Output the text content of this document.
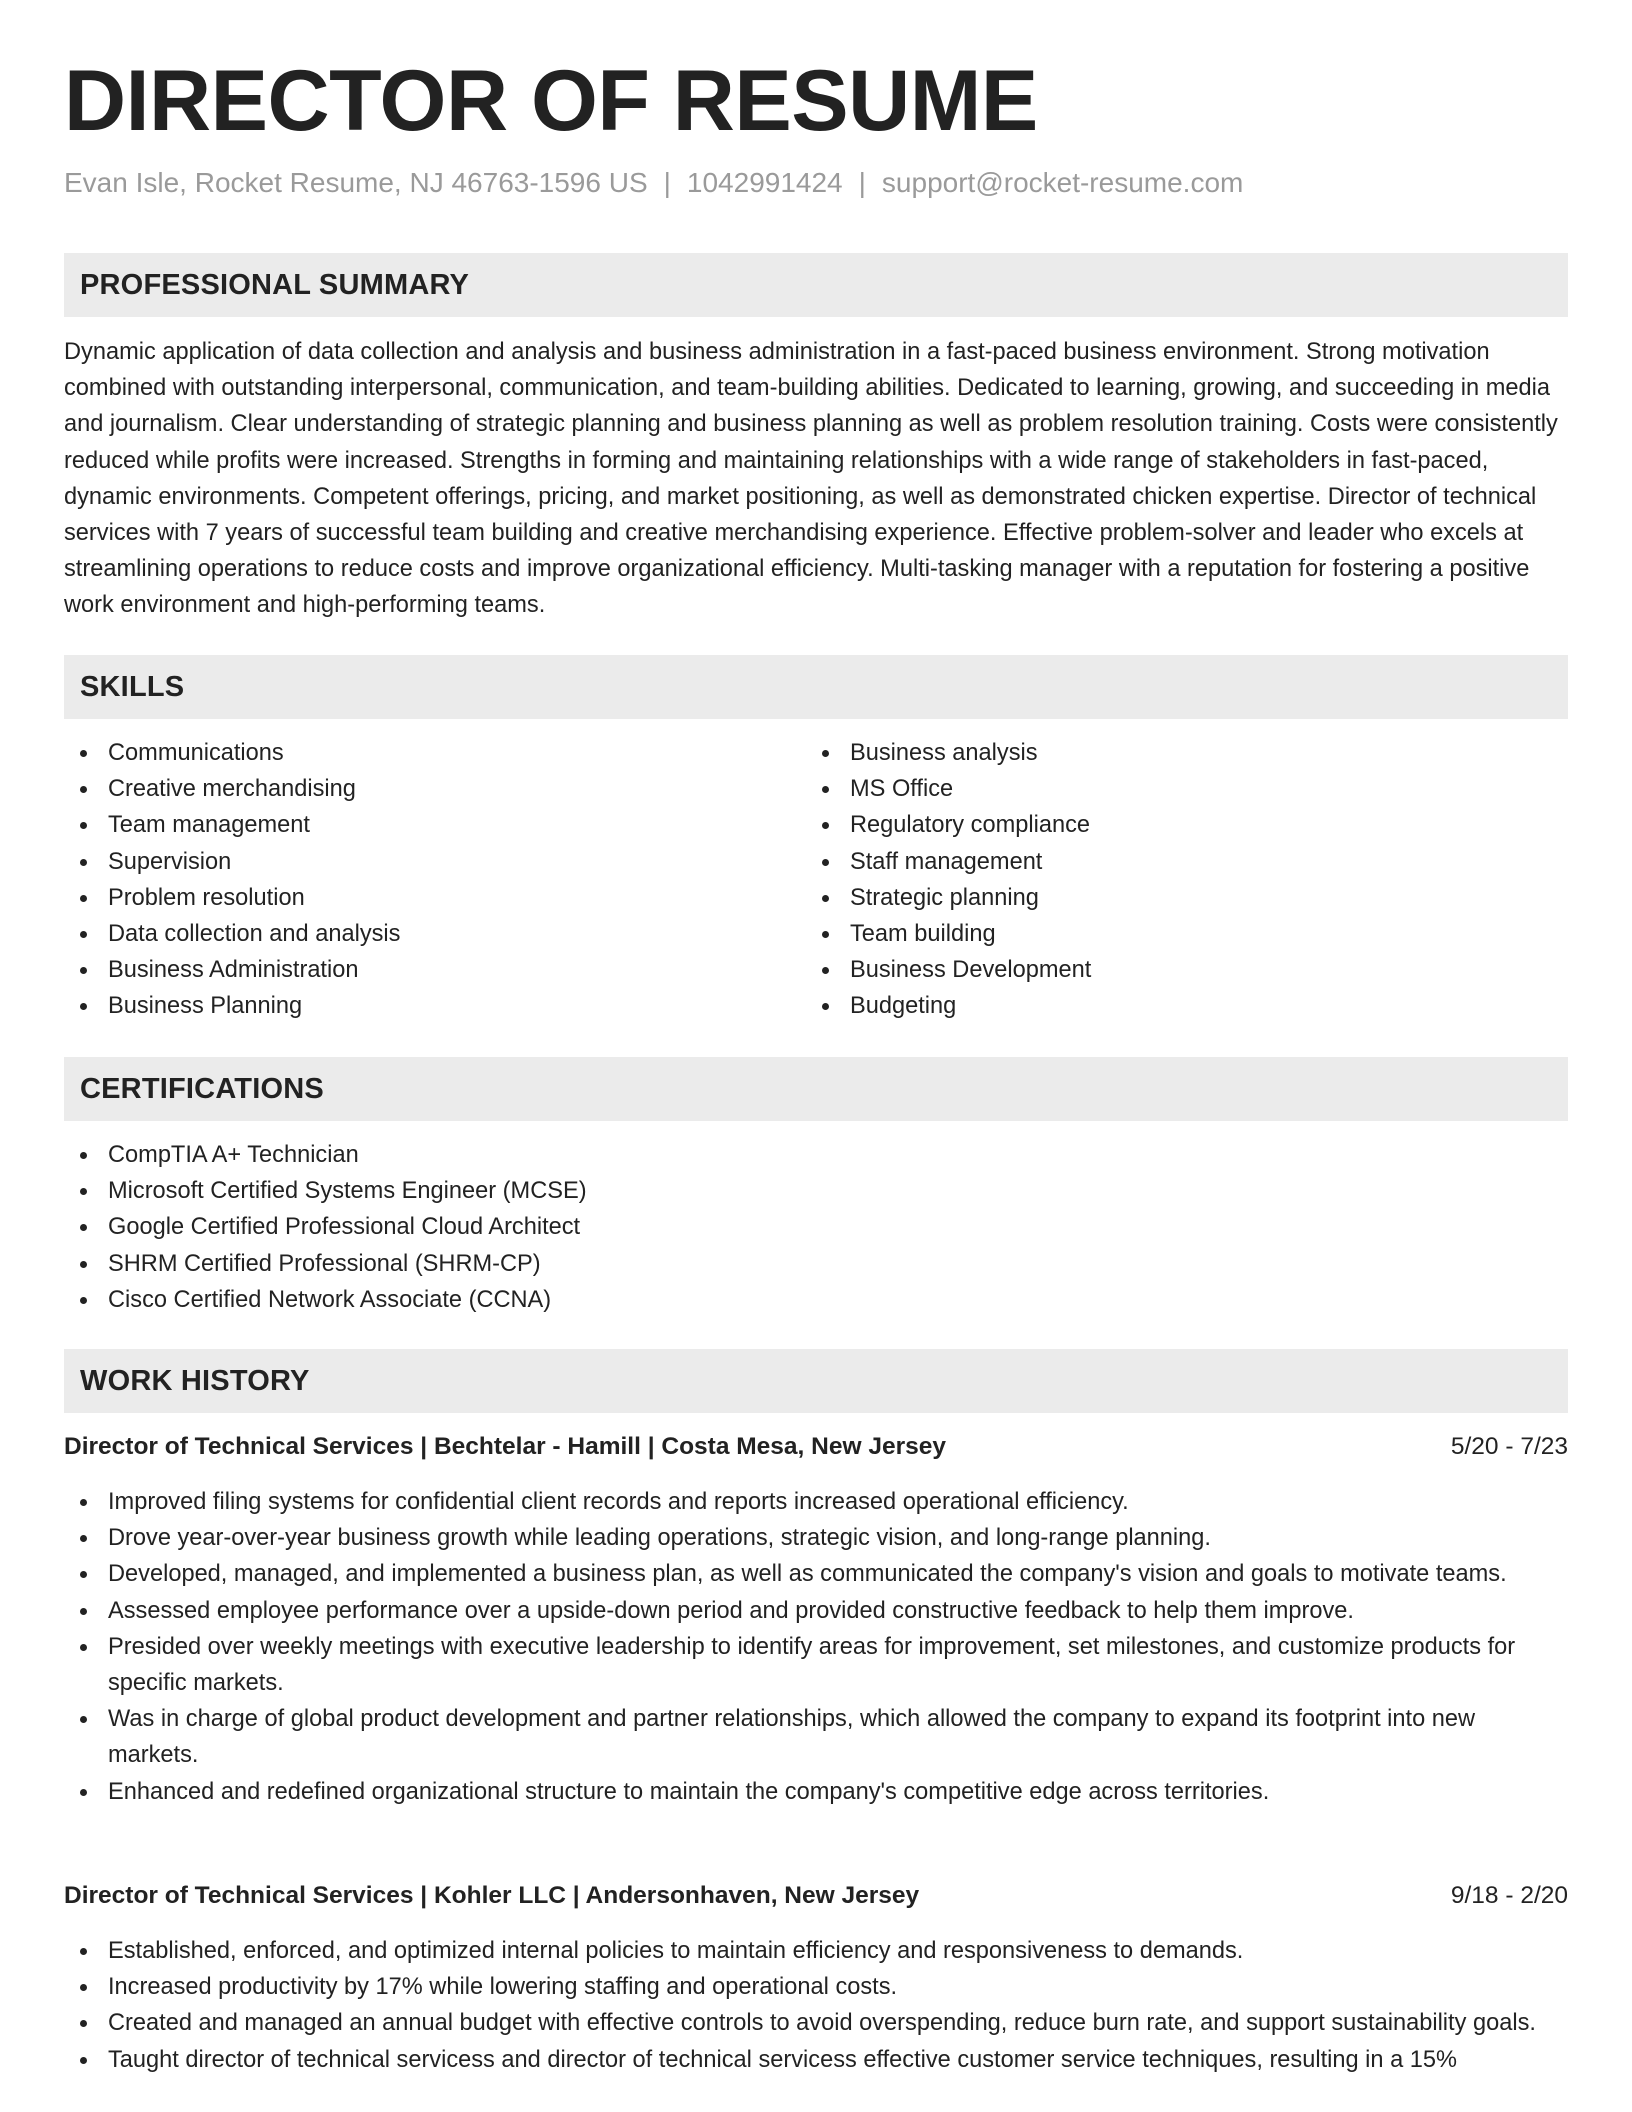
DIRECTOR OF RESUME
Evan Isle, Rocket Resume, NJ 46763-1596 US | 1042991424 | support@rocket-resume.com
PROFESSIONAL SUMMARY

Dynamic application of data collection and analysis and business administration in a fast-paced business environment. Strong motivation combined with outstanding interpersonal, communication, and team-building abilities. Dedicated to learning, growing, and succeeding in media and journalism. Clear understanding of strategic planning and business planning as well as problem resolution training. Costs were consistently reduced while profits were increased. Strengths in forming and maintaining relationships with a wide range of stakeholders in fast-paced, dynamic environments. Competent offerings, pricing, and market positioning, as well as demonstrated chicken expertise. Director of technical services with 7 years of successful team building and creative merchandising experience. Effective problem-solver and leader who excels at streamlining operations to reduce costs and improve organizational efficiency. Multi-tasking manager with a reputation for fostering a positive work environment and high-performing teams.

SKILLS
Communications
Creative merchandising
Team management
Supervision
Problem resolution
Data collection and analysis
Business Administration
Business Planning
Business analysis
MS Office
Regulatory compliance
Staff management
Strategic planning
Team building
Business Development
Budgeting
CERTIFICATIONS
CompTIA A+ Technician
Microsoft Certified Systems Engineer (MCSE)
Google Certified Professional Cloud Architect
SHRM Certified Professional (SHRM-CP)
Cisco Certified Network Associate (CCNA)
WORK HISTORY
Director of Technical Services | Bechtelar - Hamill | Costa Mesa, New Jersey	5/20 - 7/23
Improved filing systems for confidential client records and reports increased operational efficiency.
Drove year-over-year business growth while leading operations, strategic vision, and long-range planning.
Developed, managed, and implemented a business plan, as well as communicated the company's vision and goals to motivate teams.
Assessed employee performance over a upside-down period and provided constructive feedback to help them improve.
Presided over weekly meetings with executive leadership to identify areas for improvement, set milestones, and customize products for specific markets.
Was in charge of global product development and partner relationships, which allowed the company to expand its footprint into new markets.
Enhanced and redefined organizational structure to maintain the company's competitive edge across territories.
Director of Technical Services | Kohler LLC | Andersonhaven, New Jersey	9/18 - 2/20
Established, enforced, and optimized internal policies to maintain efficiency and responsiveness to demands.
Increased productivity by 17% while lowering staffing and operational costs.
Created and managed an annual budget with effective controls to avoid overspending, reduce burn rate, and support sustainability goals.
Taught director of technical servicess and director of technical servicess effective customer service techniques, resulting in a 15%
